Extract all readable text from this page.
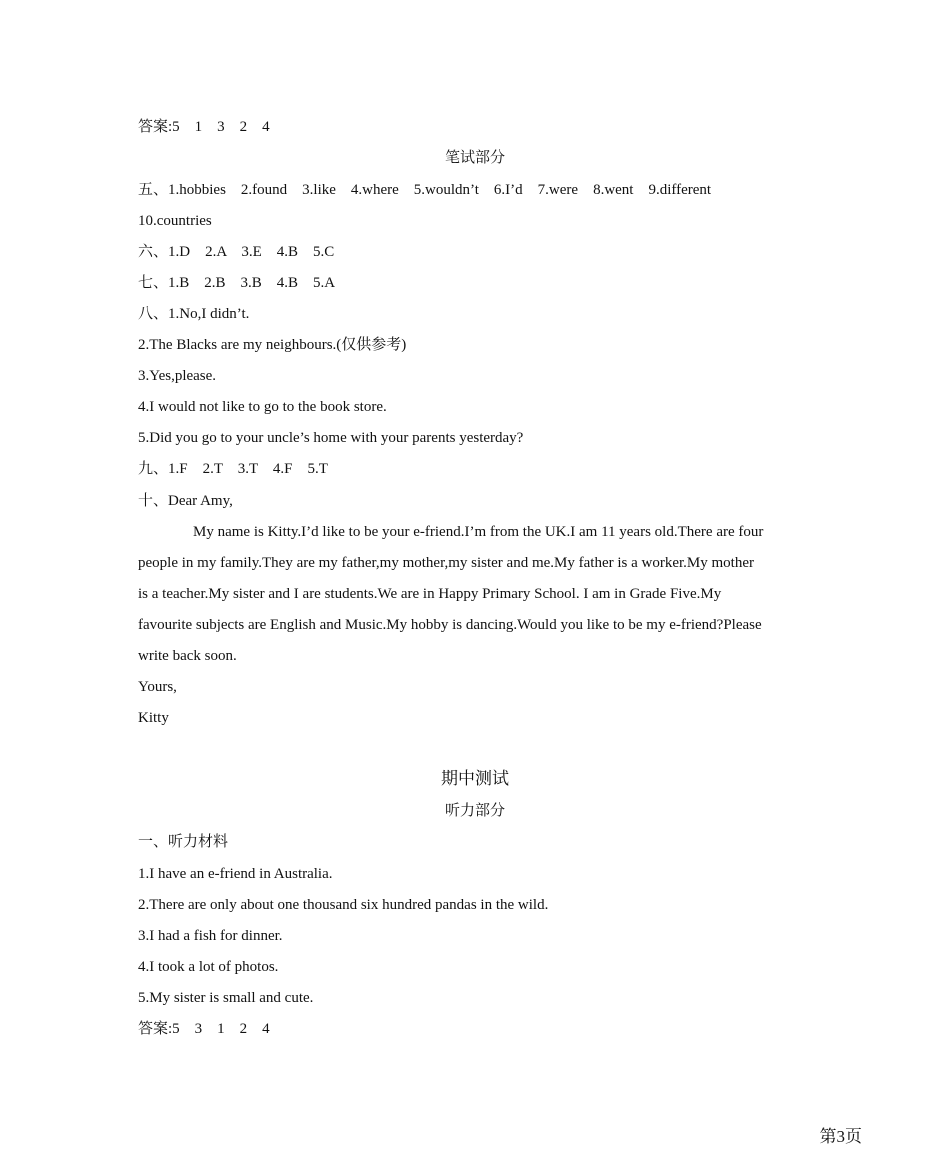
答案:5　1　3　2　4
笔试部分
五、1.hobbies　2.found　3.like　4.where　5.wouldn’t　6.I’d　7.were　8.went　9.different
10.countries
六、1.D　2.A　3.E　4.B　5.C
七、1.B　2.B　3.B　4.B　5.A
八、1.No,I didn’t.
2.The Blacks are my neighbours.(仅供参考)
3.Yes,please.
4.I would not like to go to the book store.
5.Did you go to your uncle’s home with your parents yesterday?
九、1.F　2.T　3.T　4.F　5.T
十、Dear Amy,
My name is Kitty.I’d like to be your e-friend.I’m from the UK.I am 11 years old.There are four
people in my family.They are my father,my mother,my sister and me.My father is a worker.My mother
is a teacher.My sister and I are students.We are in Happy Primary School. I am in Grade Five.My
favourite subjects are English and Music.My hobby is dancing.Would you like to be my e-friend?Please
write back soon.
Yours,
Kitty
期中测试
听力部分
一、听力材料
1.I have an e-friend in Australia.
2.There are only about one thousand six hundred pandas in the wild.
3.I had a fish for dinner.
4.I took a lot of photos.
5.My sister is small and cute.
答案:5　3　1　2　4
第3页
